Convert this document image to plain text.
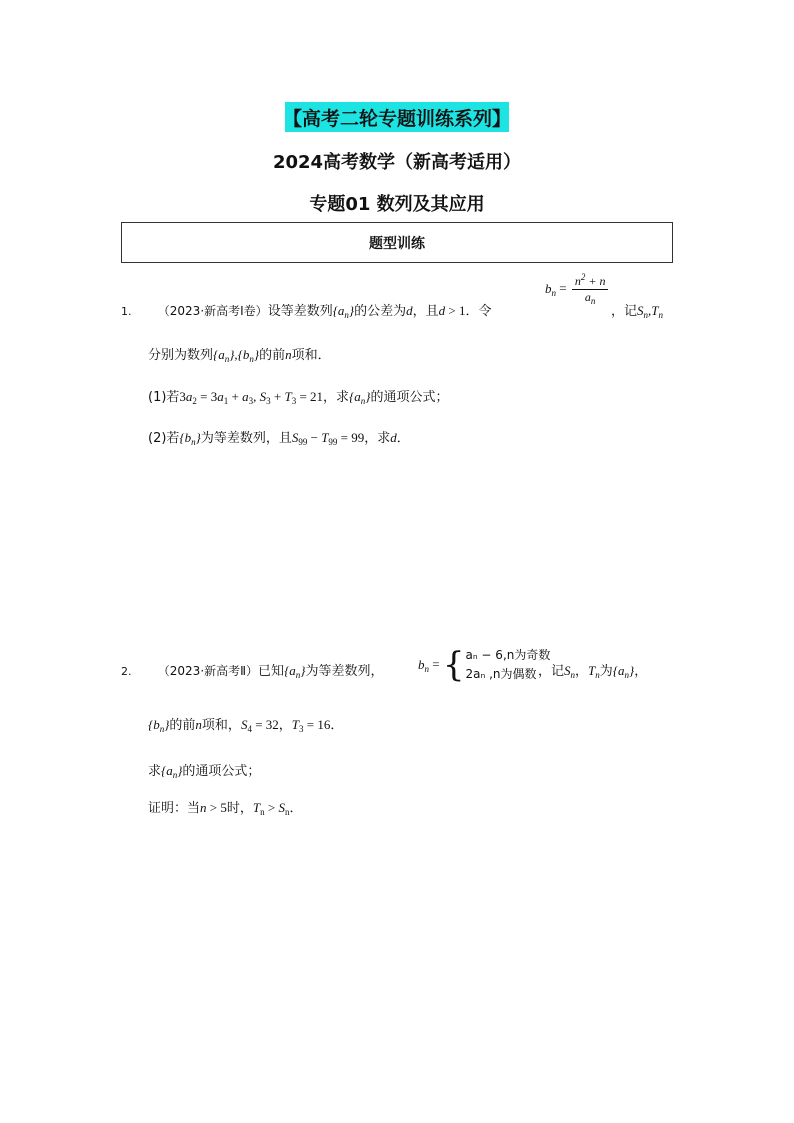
【高考二轮专题训练系列】
2024高考数学（新高考适用）
专题01 数列及其应用
题型训练
1. （2023·新高考Ⅰ卷）设等差数列$\{a_n\}$的公差为d，且d > 1．令
$b_n = \frac{n^2 + n}{a_n}$
，记$S_n,T_n$
分别为数列$\{a_n\},\{b_n\}$的前n项和．
(1)若$3a_2 = 3a_1 + a_3$, $S_3 + T_3 = 21$，求$\{a_n\}$的通项公式；
(2)若$\{b_n\}$为等差数列，且$S_{99} - T_{99} = 99$，求d．
2. （2023·新高考Ⅱ）已知$\{a_n\}$为等差数列，	$b_n$ = { aₙ − 6,n为奇数
2aₙ ,n为偶数 ，记$S_n$，$T_n$为$\{a_n\}$，
$\{b_n\}$的前n项和，$S_4 = 32$，$T_3 = 16$．
求$\{a_n\}$的通项公式；
证明：当n > 5时，$T_n > S_n$．
